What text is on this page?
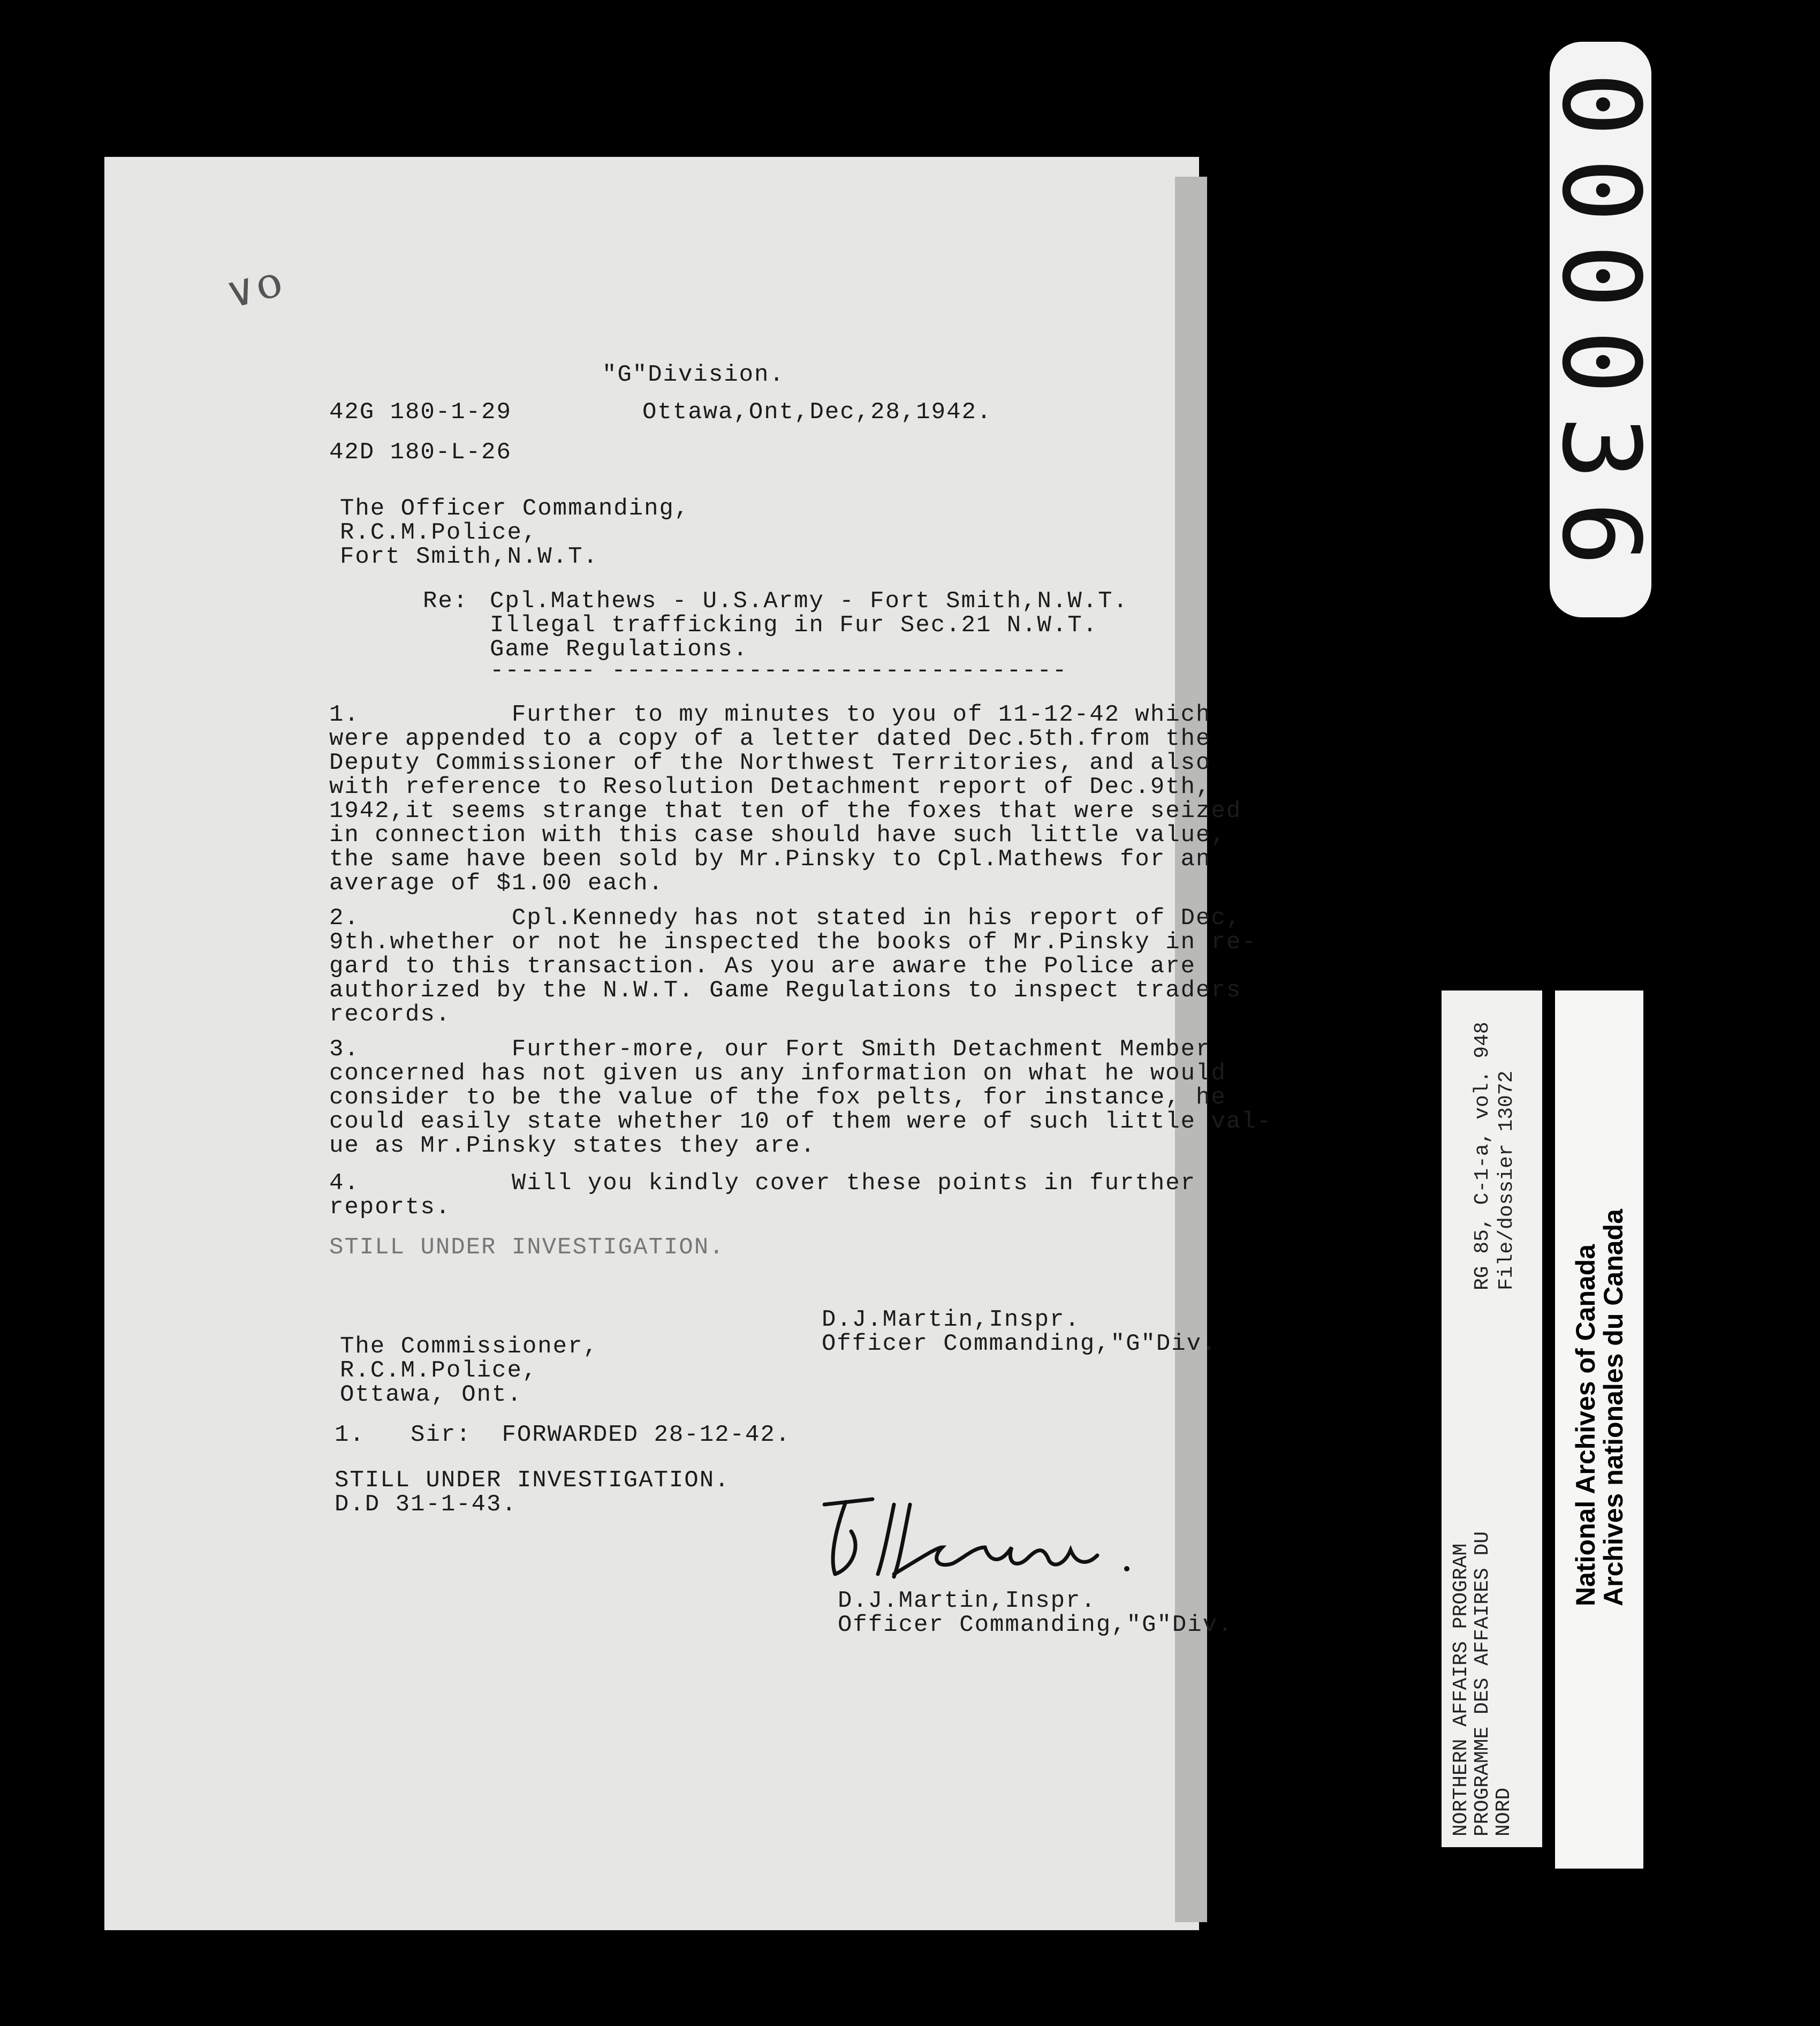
∨o
"G"Division.
42G 180-1-29	Ottawa,Ont,Dec,28,1942.
42D 180-L-26
The Officer Commanding,
R.C.M.Police,
Fort Smith,N.W.T.
Re: Cpl.Mathews - U.S.Army - Fort Smith,N.W.T.
Illegal trafficking in Fur Sec.21 N.W.T.
Game Regulations.
------- ------------------------------
1.          Further to my minutes to you of 11-12-42 which
were appended to a copy of a letter dated Dec.5th.from the
Deputy Commissioner of the Northwest Territories, and also
with reference to Resolution Detachment report of Dec.9th,
1942,it seems strange that ten of the foxes that were seized
in connection with this case should have such little value,
the same have been sold by Mr.Pinsky to Cpl.Mathews for an
average of $1.00 each.
2.          Cpl.Kennedy has not stated in his report of Dec,
9th.whether or not he inspected the books of Mr.Pinsky in re-
gard to this transaction. As you are aware the Police are
authorized by the N.W.T. Game Regulations to inspect traders
records.
3.          Further-more, our Fort Smith Detachment Member
concerned has not given us any information on what he would
consider to be the value of the fox pelts, for instance, he
could easily state whether 10 of them were of such little val-
ue as Mr.Pinsky states they are.
4.          Will you kindly cover these points in further
reports.
STILL UNDER INVESTIGATION.
D.J.Martin,Inspr.
Officer Commanding,"G"Div.
The Commissioner,
R.C.M.Police,
Ottawa, Ont.
1.   Sir:  FORWARDED 28-12-42.
STILL UNDER INVESTIGATION.
D.D 31-1-43.
D.J.Martin,Inspr.
Officer Commanding,"G"Div.
000036
RG 85, C-1-a, vol. 948 File/dossier 13072
NORTHERN AFFAIRS PROGRAM
PROGRAMME DES AFFAIRES DU
NORD
National Archives of Canada
Archives nationales du Canada
